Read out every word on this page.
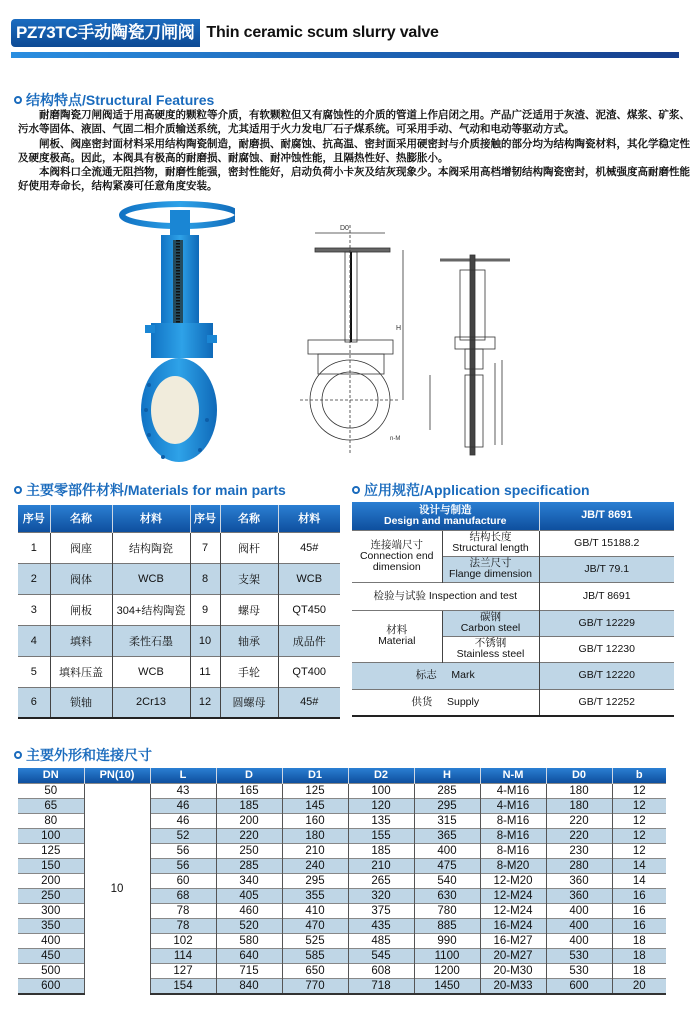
PZ73TC手动陶瓷刀闸阀 Thin ceramic scum slurry valve
结构特点/Structural Features

耐磨陶瓷刀闸阀适于用高硬度的颗粒等介质，有软颗粒但又有腐蚀性的介质的管道上作启闭之用。产品广泛适用于灰渣、泥渣、煤浆、矿浆、污水等固体、液固、气固二相介质输送系统，尤其适用于火力发电厂石子煤系统。可采用手动、气动和电动等驱动方式。

闸板、阀座密封面材料采用结构陶瓷制造，耐磨损、耐腐蚀、抗高温、密封面采用硬密封与介质接触的部分均为结构陶瓷材料，其化学稳定性及硬度极高。因此，本阀具有极高的耐磨损、耐腐蚀、耐冲蚀性能，且隔热性好、热膨胀小。

本阀料口全流通无阻挡物，耐磨性能强，密封性能好，启动负荷小卡灰及结灰现象少。本阀采用高档增韧结构陶瓷密封，机械强度高耐磨性能好使用寿命长，结构紧凑可任意角度安装。

D0
H
n-M
主要零部件材料/Materials for main parts
序号	名称	材料	序号	名称	材料
1	阀座	结构陶瓷	7	阀杆	45#
2	阀体	WCB	8	支架	WCB
3	闸板	304+结构陶瓷	9	螺母	QT450
4	填料	柔性石墨	10	轴承	成品件
5	填料压盖	WCB	11	手轮	QT400
6	锁轴	2Cr13	12	圆螺母	45#
应用规范/Application specification
设计与制造
Design and manufacture		JB/T 8691

连接端尺寸
Connection end dimension

结构长度
Structural length	GB/T 15188.2

	法兰尺寸
Flange dimension	JB/T 79.1
检验与试验 Inspection and test		JB/T 8691

材料
Material

碳钢
Carbon steel	GB/T 12229

	不锈钢
Stainless steel	GB/T 12230
标志     Mark		GB/T 12220
供货     Supply		GB/T 12252
主要外形和连接尺寸
DN	PN(10)	L	D	D1	D2	H	N-M	D0	b
50	10	43	165	125	100	285	4-M16	180	12
65		46	185	145	120	295	4-M16	180	12
80		46	200	160	135	315	8-M16	220	12
100		52	220	180	155	365	8-M16	220	12
125		56	250	210	185	400	8-M16	230	12
150		56	285	240	210	475	8-M20	280	14
200		60	340	295	265	540	12-M20	360	14
250		68	405	355	320	630	12-M24	360	16
300		78	460	410	375	780	12-M24	400	16
350		78	520	470	435	885	16-M24	400	16
400		102	580	525	485	990	16-M27	400	18
450		114	640	585	545	1100	20-M27	530	18
500		127	715	650	608	1200	20-M30	530	18
600		154	840	770	718	1450	20-M33	600	20
